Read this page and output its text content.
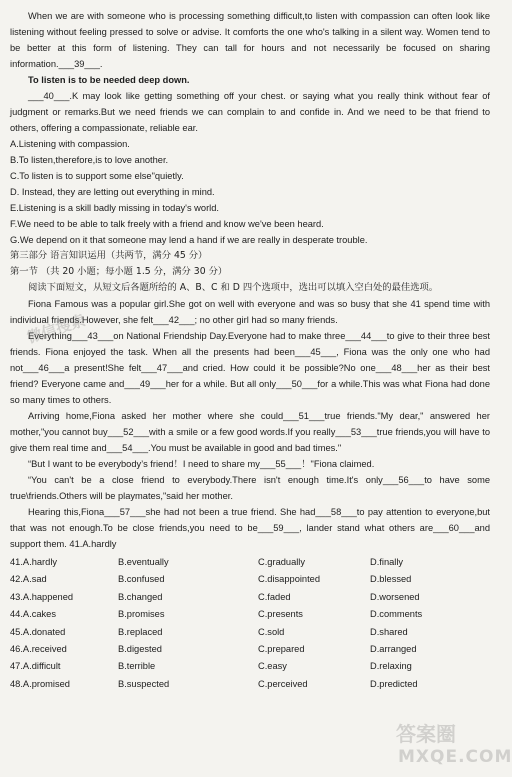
When we are with someone who is processing something difficult,to listen with compassion can often look like listening without feeling pressed to solve or advise. It comforts the one who's talking in a silent way. Women tend to be better at this form of listening. They can tall for hours and not necessarily be focused on sharing information.___39___.

To listen is to be needed deep down.

___40___.K may look like getting something off your chest. or saying what you really think without fear of judgment or remarks.But we need friends we can complain to and confide in. And we need to be that friend to others, offering a compassionate, reliable ear.

A.Listening with compassion.

B.To listen,therefore,is to love another.

C.To listen is to support some else"quietly.

D. Instead, they are letting out everything in mind.

E.Listening is a skill badly missing in today's world.

F.We need to be able to talk freely with a friend and know we've been heard.

G.We depend on it that someone may lend a hand if we are really in desperate trouble.

第三部分 语言知识运用（共两节，满分 45 分）

第一节 （共 20 小题；每小题 1.5 分，满分 30 分）

阅读下面短文，从短文后各题所给的 A、B、C 和 D 四个选项中，选出可以填入空白处的最佳选项。

Fiona Famous was a popular girl.She got on well with everyone and was so busy that she 41 spend time with individual friends.However, she felt___42___; no other girl had so many friends.

Everything___43___on National Friendship Day.Everyone had to make three___44___to give to their three best friends. Fiona enjoyed the task. When all the presents had been___45___, Fiona was the only one who had not___46___a present!She felt___47___and cried. How could it be possible?No one___48___her as their best friend? Everyone came and___49___her for a while. But all only___50___for a while.This was what Fiona had done so many times to others.

Arriving home,Fiona asked her mother where she could___51___true friends."My dear," answered her mother,"you cannot buy___52___with a smile or a few good words.If you really___53___true friends,you will have to give them real time and___54___.You must be available in good and bad times."

“But I want to be everybody’s friend！I need to share my___55___！"Fiona claimed.

“You can't be a close friend to everybody.There isn't enough time.It's only___56___to have some true\friends.Others will be playmates,"said her mother.

Hearing this,Fiona___57___she had not been a true friend. She had___58___to pay attention to everyone,but that was not enough.To be close friends,you need to be___59___, lander stand what others are___60___and support them. 41.A.hardly

41.A.hardly	B.eventually	C.gradually	D.finally
42.A.sad	B.confused	C.disappointed	D.blessed
43.A.happened	B.changed	C.faded	D.worsened
44.A.cakes	B.promises	C.presents	D.comments
45.A.donated	B.replaced	C.sold	D.shared
46.A.received	B.digested	C.prepared	D.arranged
47.A.difficult	B.terrible	C.easy	D.relaxing
48.A.promised	B.suspected	C.perceived	D.predicted
微信搜索
答案圈
MXQE.COM
